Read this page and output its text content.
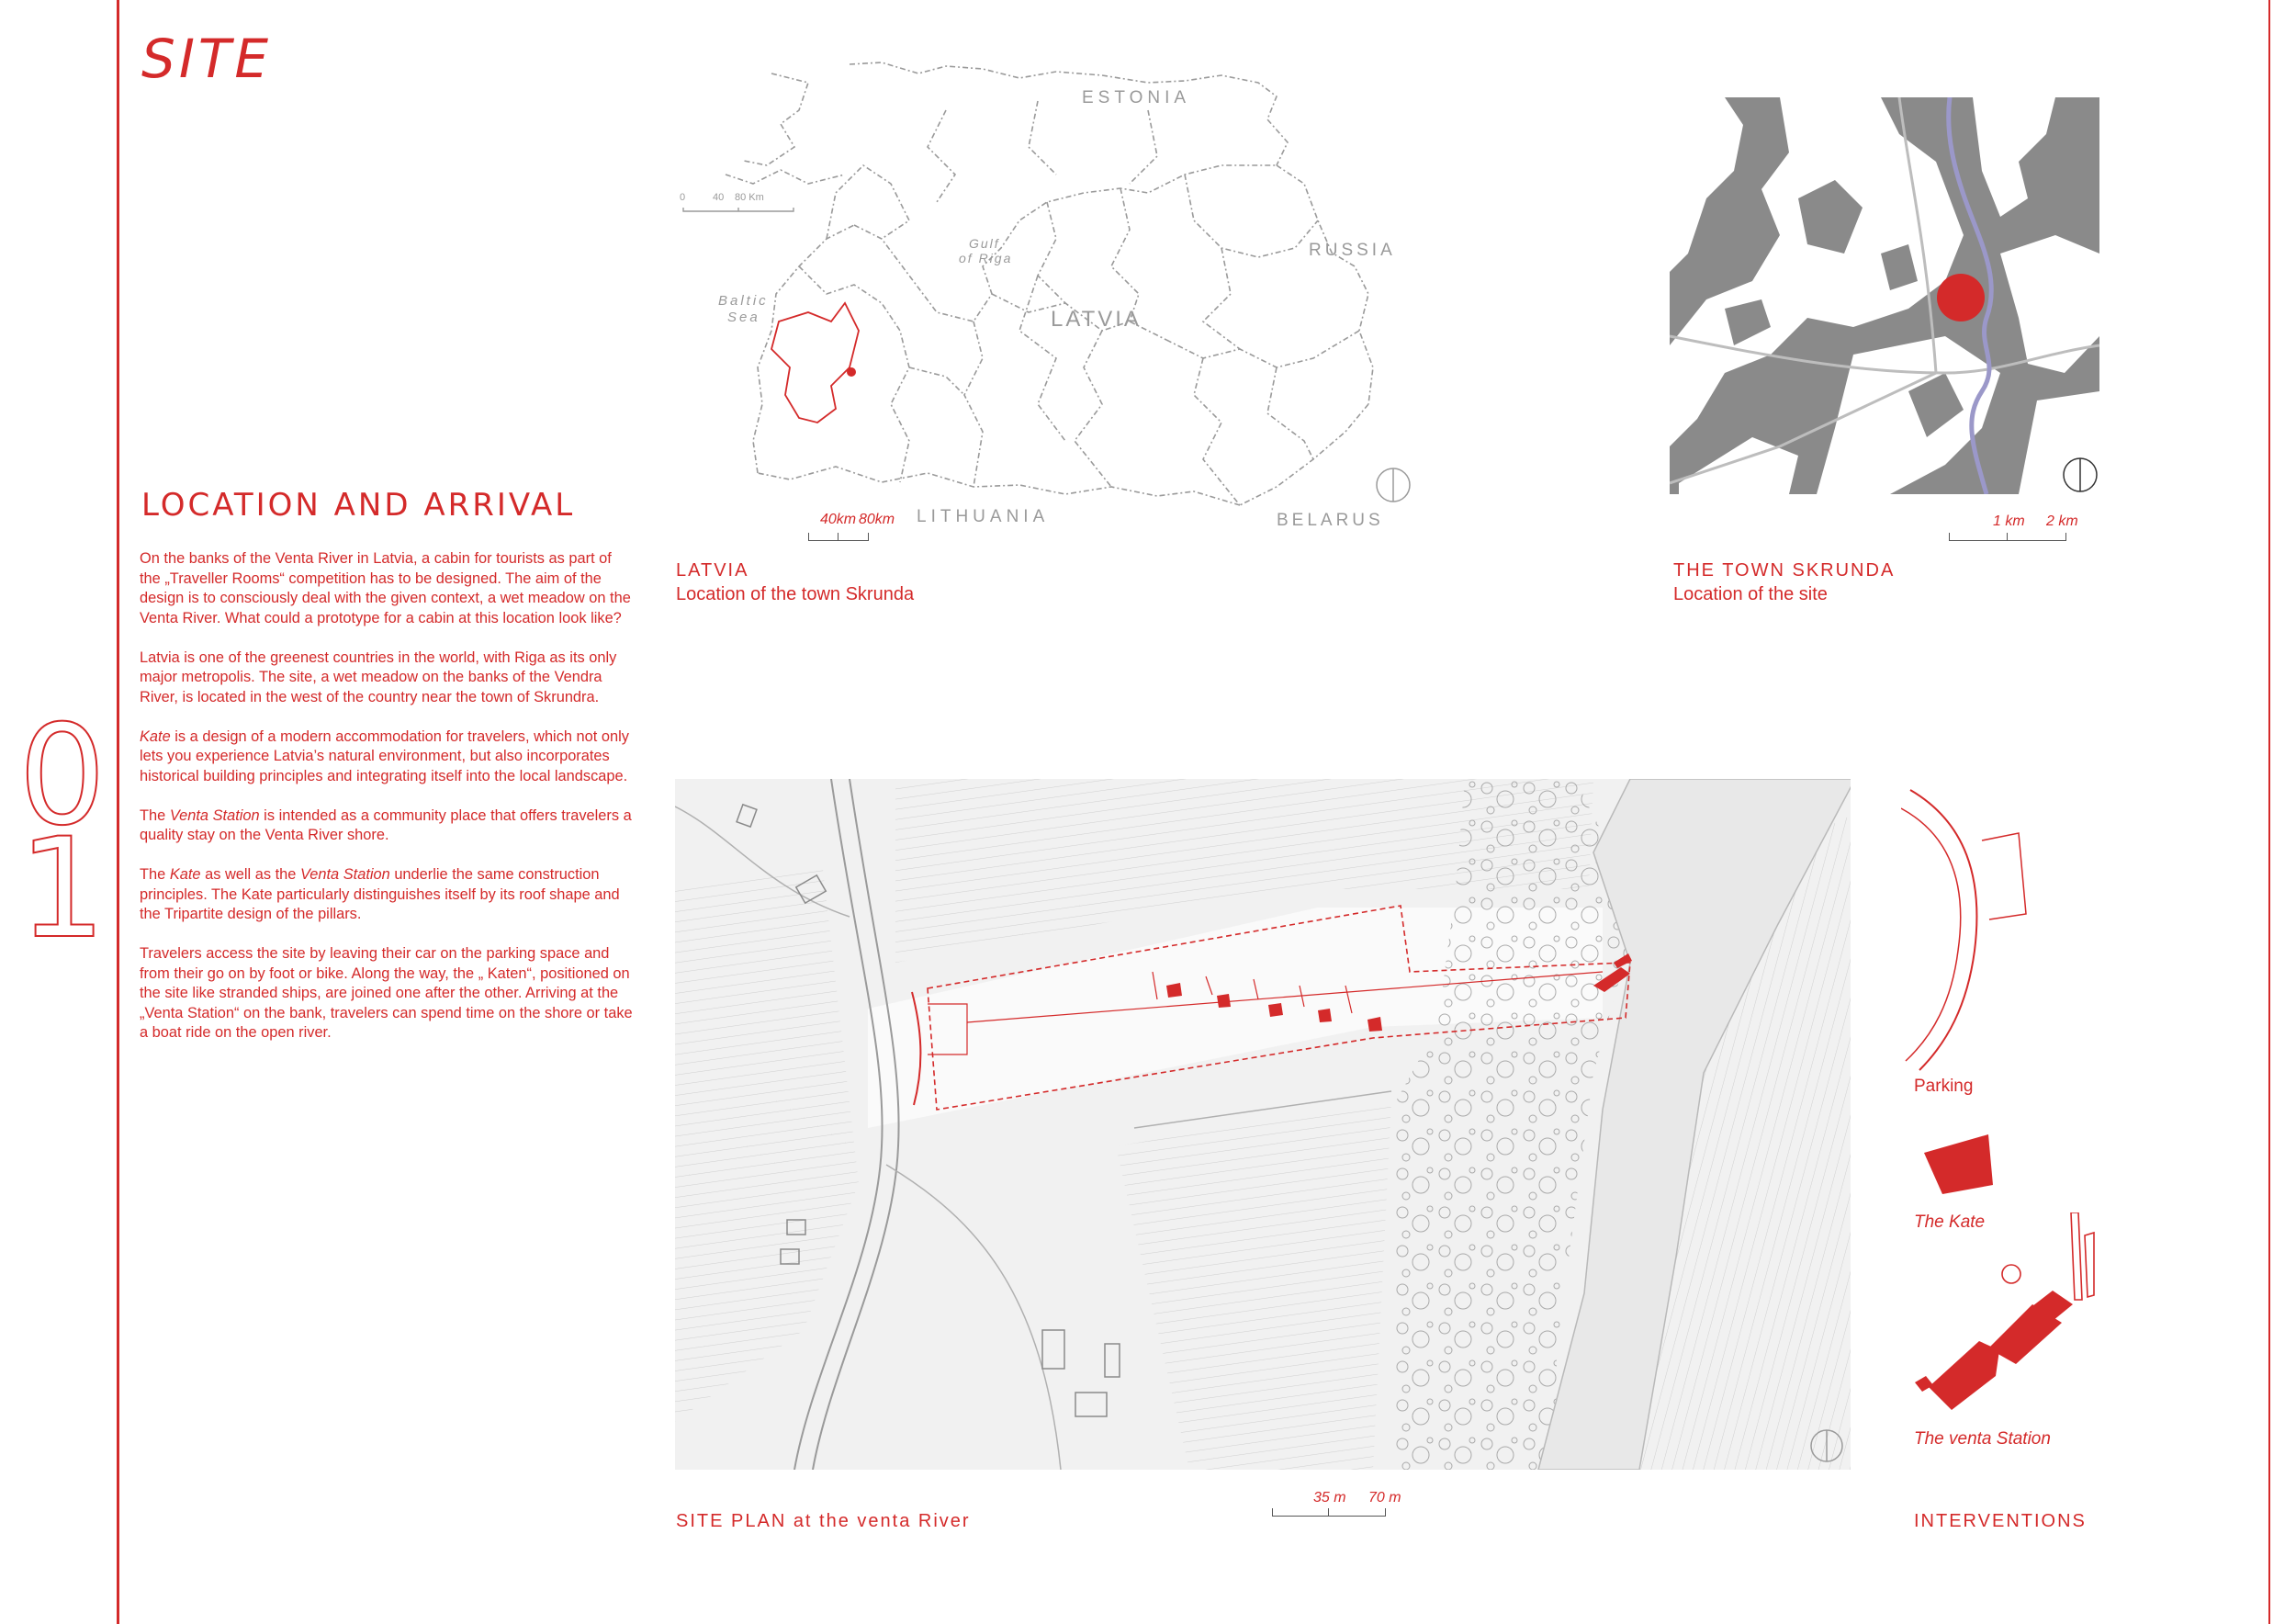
SITE
0
1
LOCATION AND ARRIVAL

On the banks of the Venta River in Latvia, a cabin for tourists as part of the „Traveller Rooms“ competition has to be designed. The aim of the design is to consciously deal with the given context, a wet meadow on the Venta River. What could a prototype for a cabin at this location look like?

Latvia is one of the greenest countries in the world, with Riga as its only major metropolis. The site, a wet meadow on the banks of the Vendra River, is located in the west of the country near the town of Skrundra.

Kate is a design of a modern accommodation for travelers, which not only lets you experience Latvia’s natural environment, but also incorporates historical building principles and integrating itself into the local landscape.

The Venta Station is intended as a community place that offers travelers a quality stay on the Venta River shore.

The Kate as well as the Venta Station underlie the same construction principles. The Kate particularly distinguishes itself by its roof shape and the Tripartite design of the pillars.

Travelers access the site by leaving their car on the parking space and from their go on by foot or bike. Along the way, the „ Katen“, positioned on the site like stranded ships, are joined one after the other. Arriving at the „Venta Station“ on the bank, travelers can spend time on the shore or take a boat ride on the open river.

0	40 80 Km
ESTONIA
RUSSIA
LATVIA
LITHUANIA	BELARUS
Gulf
of Riga
Baltic
Sea
40km 80km
LATVIA
Location of the town Skrunda
1 km 2 km
THE TOWN SKRUNDA
Location of the site
35 m 70 m
SITE PLAN at the venta River
Parking
The Kate
The venta Station
INTERVENTIONS
